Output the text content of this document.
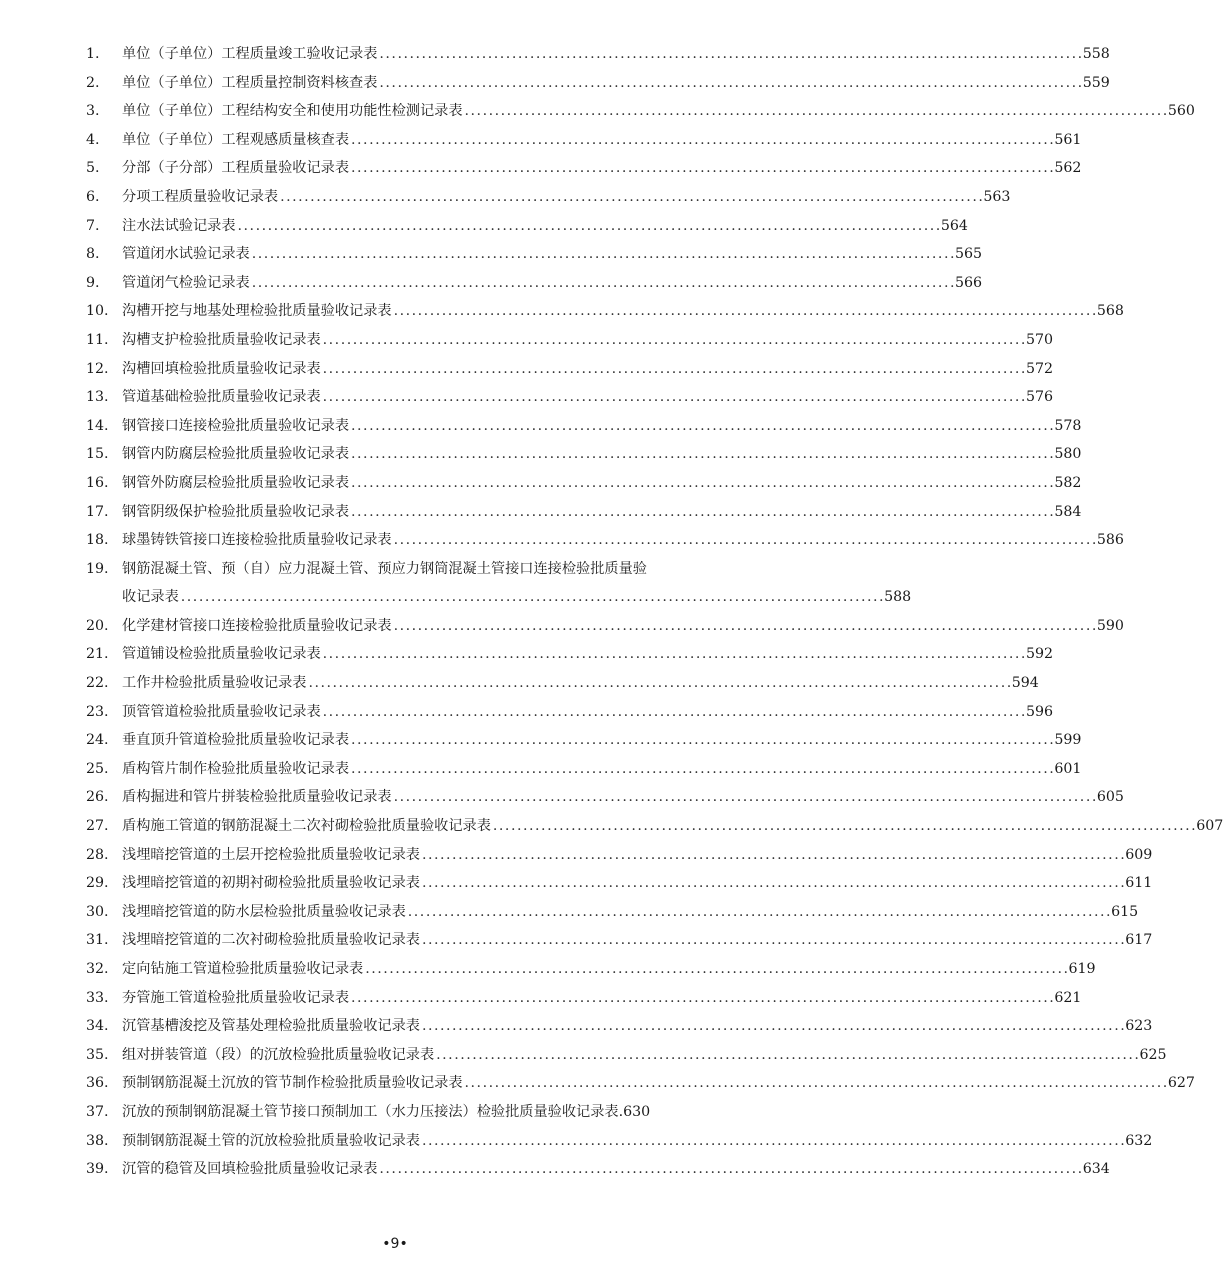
1.	单位（子单位）工程质量竣工验收记录表 . . .	558
2.	单位（子单位）工程质量控制资料核查表 . . .	559
3.	单位（子单位）工程结构安全和使用功能性检测记录表 . . .	560
4.	单位（子单位）工程观感质量核查表 . . .	561
5.	分部（子分部）工程质量验收记录表 . . .	562
6.	分项工程质量验收记录表 . . .	563
7.	注水法试验记录表 . . .	564
8.	管道闭水试验记录表 . . .	565
9.	管道闭气检验记录表 . . .	566
10. 沟槽开挖与地基处理检验批质量验收记录表 . . .	568
11. 沟槽支护检验批质量验收记录表 . . .	570
12. 沟槽回填检验批质量验收记录表 . . .	572
13. 管道基础检验批质量验收记录表 . . .	576
14. 钢管接口连接检验批质量验收记录表 . . .	578
15. 钢管内防腐层检验批质量验收记录表 . . .	580
16. 钢管外防腐层检验批质量验收记录表 . . .	582
17. 钢管阴级保护检验批质量验收记录表 . . .	584
18. 球墨铸铁管接口连接检验批质量验收记录表 . . .	586
19. 钢筋混凝土管、预（自）应力混凝土管、预应力钢筒混凝土管接口连接检验批质量验
收记录表 . . .	588
20. 化学建材管接口连接检验批质量验收记录表 . . .	590
21. 管道铺设检验批质量验收记录表 . . .	592
22. 工作井检验批质量验收记录表 . . .	594
23. 顶管管道检验批质量验收记录表 . . .	596
24. 垂直顶升管道检验批质量验收记录表 . . .	599
25. 盾构管片制作检验批质量验收记录表 . . .	601
26. 盾构掘进和管片拼装检验批质量验收记录表 . . .	605
27. 盾构施工管道的钢筋混凝土二次衬砌检验批质量验收记录表 . . .	607
28. 浅埋暗挖管道的土层开挖检验批质量验收记录表 . . .	609
29. 浅埋暗挖管道的初期衬砌检验批质量验收记录表 . . .	611
30. 浅埋暗挖管道的防水层检验批质量验收记录表 . . .	615
31. 浅埋暗挖管道的二次衬砌检验批质量验收记录表 . . .	617
32. 定向钻施工管道检验批质量验收记录表 . . .	619
33. 夯管施工管道检验批质量验收记录表 . . .	621
34. 沉管基槽浚挖及管基处理检验批质量验收记录表 . . .	623
35. 组对拼装管道（段）的沉放检验批质量验收记录表 . . .	625
36. 预制钢筋混凝土沉放的管节制作检验批质量验收记录表 . . .	627
37. 沉放的预制钢筋混凝土管节接口预制加工（水力压接法）检验批质量验收记录表. 630
38. 预制钢筋混凝土管的沉放检验批质量验收记录表 . . .	632
39. 沉管的稳管及回填检验批质量验收记录表 . . .	634
•9•
